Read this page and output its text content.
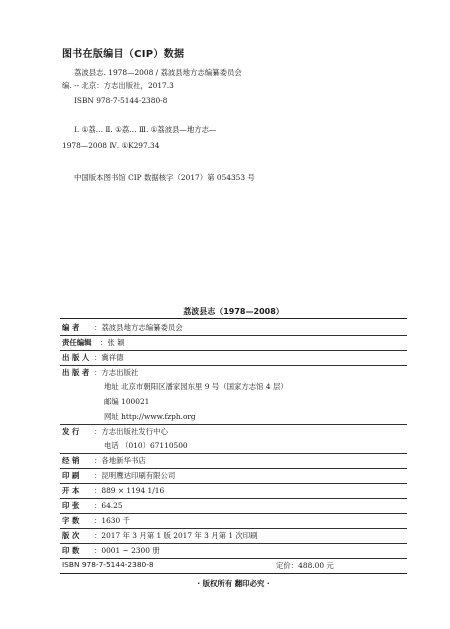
图书在版编目（CIP）数据
荔波县志. 1978—2008 / 荔波县地方志编纂委员会
编. -- 北京：方志出版社，2017.3
ISBN 978-7-5144-2380-8
Ⅰ. ①荔… Ⅱ. ①荔… Ⅲ. ①荔波县—地方志—
1978—2008 Ⅳ. ①K297.34
中国版本图书馆 CIP 数据核字（2017）第 054353 号
荔波县志（1978—2008）
编 者 ：荔波县地方志编纂委员会
责任编辑 ：张 颖
出 版 人 ：冀祥德
出 版 者 ：方志出版社
地址 北京市朝阳区潘家园东里 9 号（国家方志馆 4 层）
邮编 100021
网址 http://www.fzph.org
发 行 ：方志出版社发行中心
电话 （010）67110500
经 销 ：各地新华书店
印 刷 ：昆明鹰达印刷有限公司
开 本 ：889 × 1194 1/16
印 张 ：64.25
字 数 ：1630 千
版 次 ：2017 年 3 月第 1 版 2017 年 3 月第 1 次印刷
印 数 ：0001 ~ 2300 册
ISBN 978-7-5144-2380-8	定价：488.00 元
· 版权所有 翻印必究 ·
